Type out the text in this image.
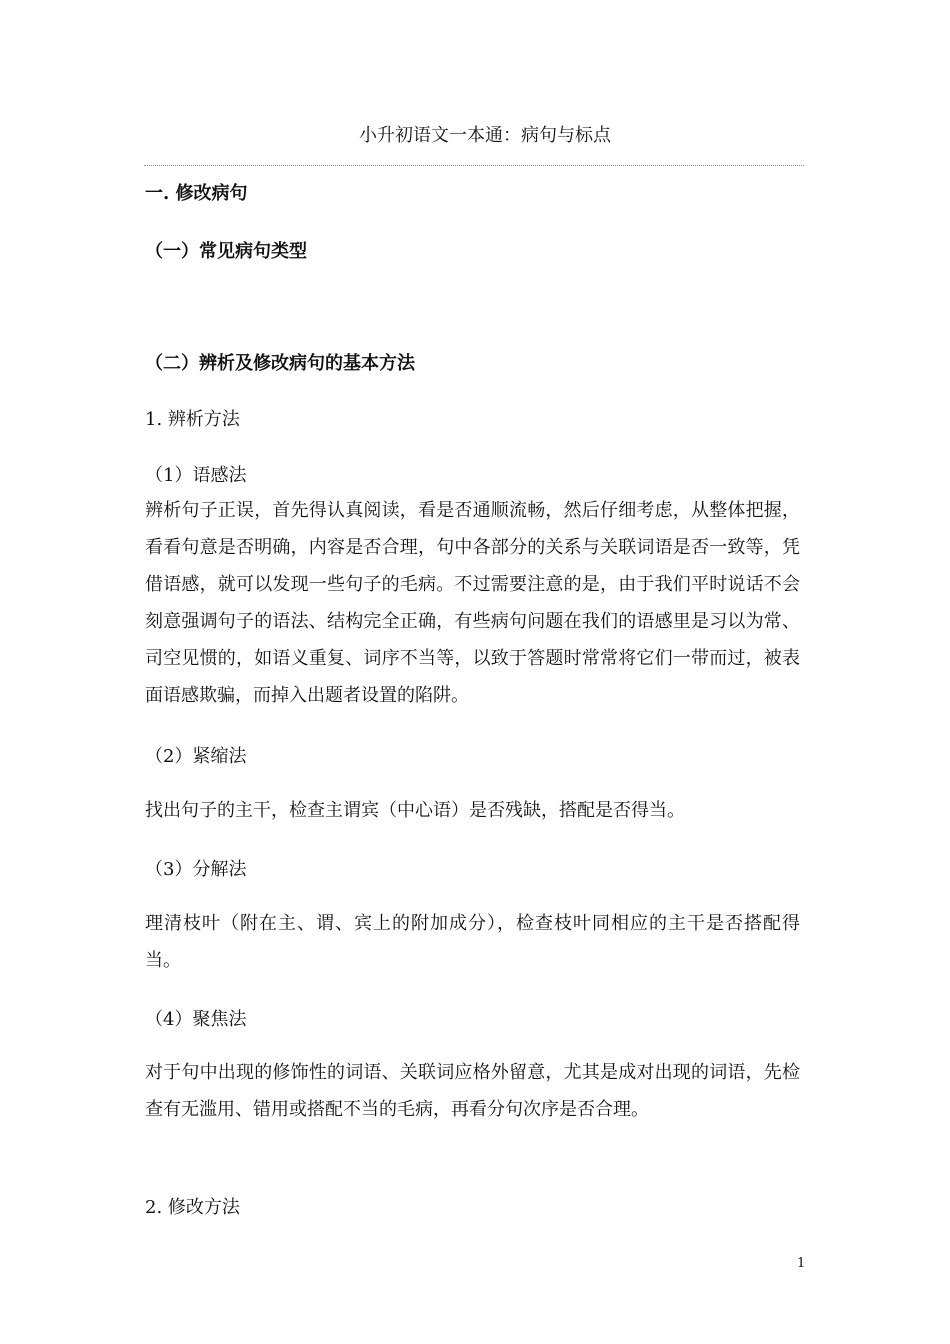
小升初语文一本通：病句与标点
一. 修改病句
（一）常见病句类型
（二）辨析及修改病句的基本方法
1. 辨析方法
（1）语感法
辨析句子正误，首先得认真阅读，看是否通顺流畅，然后仔细考虑，从整体把握，看看句意是否明确，内容是否合理，句中各部分的关系与关联词语是否一致等，凭借语感，就可以发现一些句子的毛病。不过需要注意的是，由于我们平时说话不会刻意强调句子的语法、结构完全正确，有些病句问题在我们的语感里是习以为常、司空见惯的，如语义重复、词序不当等，以致于答题时常常将它们一带而过，被表面语感欺骗，而掉入出题者设置的陷阱。
（2）紧缩法
找出句子的主干，检查主谓宾（中心语）是否残缺，搭配是否得当。
（3）分解法
理清枝叶（附在主、谓、宾上的附加成分），检查枝叶同相应的主干是否搭配得当。
（4）聚焦法
对于句中出现的修饰性的词语、关联词应格外留意，尤其是成对出现的词语，先检查有无滥用、错用或搭配不当的毛病，再看分句次序是否合理。
2. 修改方法
1
